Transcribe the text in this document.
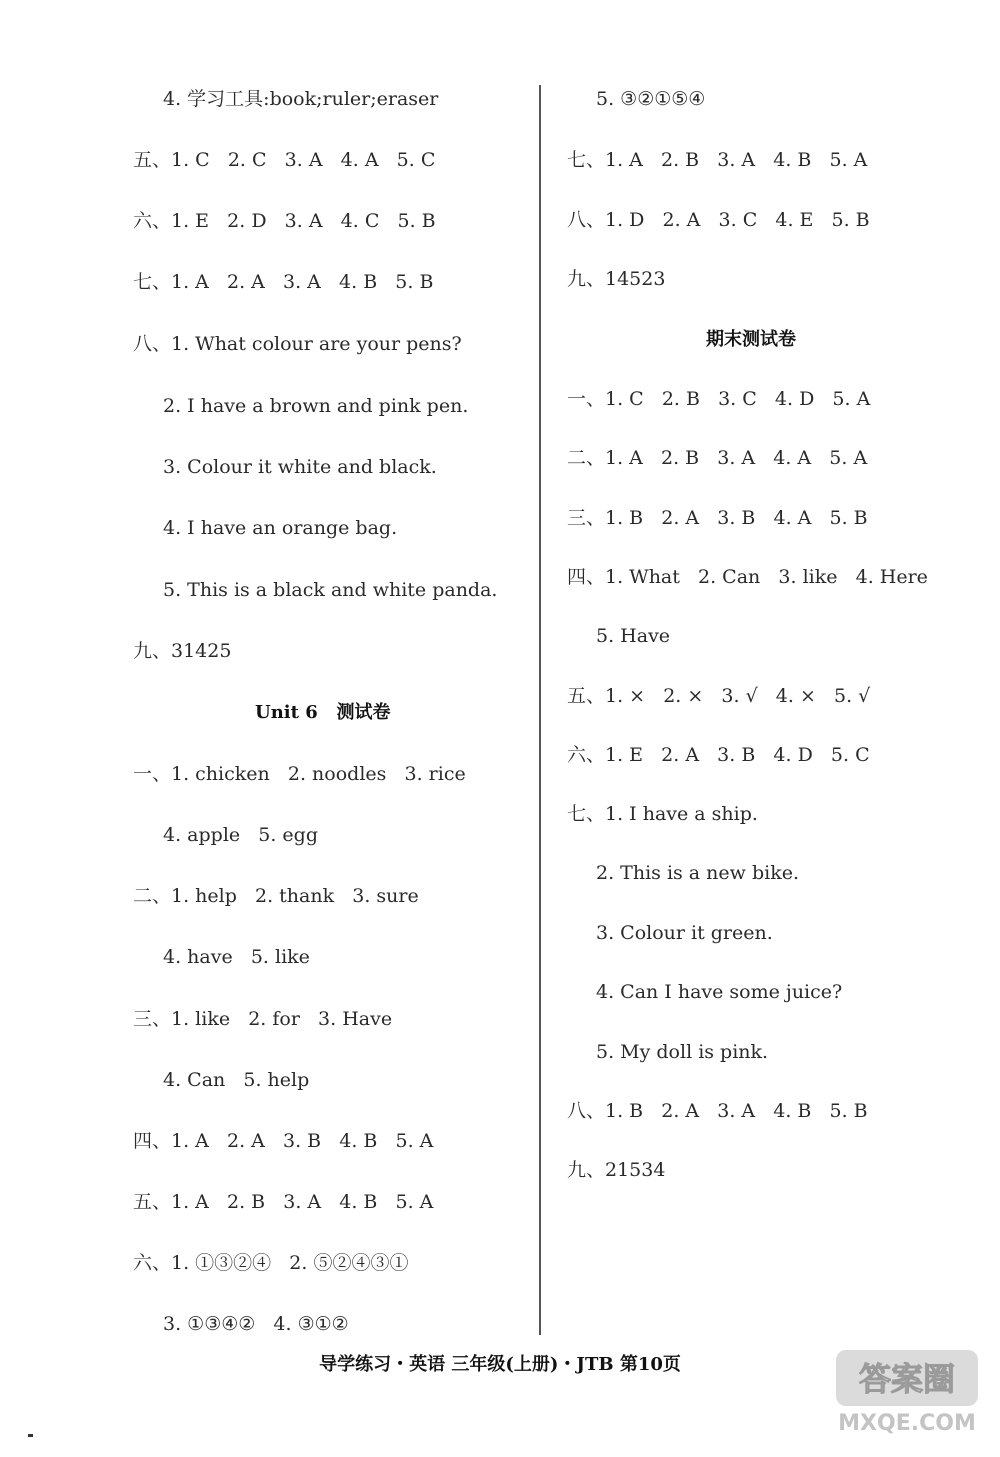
4. 学习工具:book;ruler;eraser
五、1. C   2. C   3. A   4. A   5. C
六、1. E   2. D   3. A   4. C   5. B
七、1. A   2. A   3. A   4. B   5. B
八、1. What colour are your pens?
2. I have a brown and pink pen.
3. Colour it white and black.
4. I have an orange bag.
5. This is a black and white panda.
九、31425
Unit 6   测试卷
一、1. chicken   2. noodles   3. rice
4. apple   5. egg
二、1. help   2. thank   3. sure
4. have   5. like
三、1. like   2. for   3. Have
4. Can   5. help
四、1. A   2. A   3. B   4. B   5. A
五、1. A   2. B   3. A   4. B   5. A
六、1. ①③②④   2. ⑤②④③①
3. ①③④②   4. ③①②
5. ③②①⑤④
七、1. A   2. B   3. A   4. B   5. A
八、1. D   2. A   3. C   4. E   5. B
九、14523
期末测试卷
一、1. C   2. B   3. C   4. D   5. A
二、1. A   2. B   3. A   4. A   5. A
三、1. B   2. A   3. B   4. A   5. B
四、1. What   2. Can   3. like   4. Here
5. Have
五、1. ×   2. ×   3. √   4. ×   5. √
六、1. E   2. A   3. B   4. D   5. C
七、1. I have a ship.
2. This is a new bike.
3. Colour it green.
4. Can I have some juice?
5. My doll is pink.
八、1. B   2. A   3. A   4. B   5. B
九、21534
导学练习・英语 三年级(上册)・JTB 第10页	答案圈
MXQE.COM
